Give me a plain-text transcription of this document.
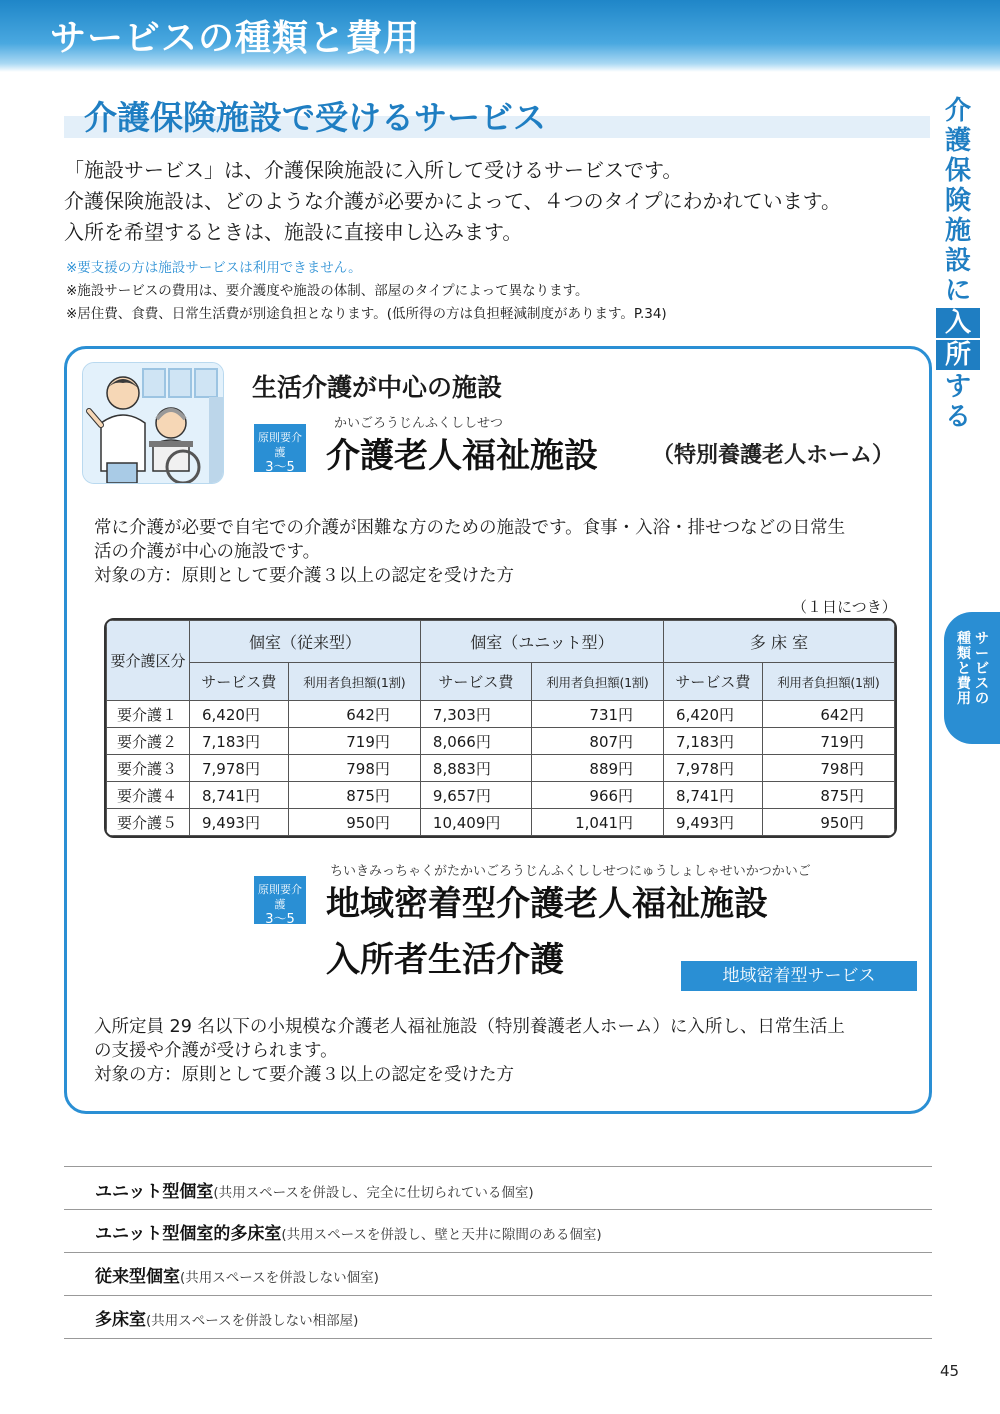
サービスの種類と費用
介護保険施設で受けるサービス
「施設サービス」は、介護保険施設に入所して受けるサービスです。
介護保険施設は、どのような介護が必要かによって、４つのタイプにわかれています。
入所を希望するときは、施設に直接申し込みます。
※要支援の方は施設サービスは利用できません。
※施設サービスの費用は、要介護度や施設の体制、部屋のタイプによって異なります。
※居住費、食費、日常生活費が別途負担となります。(低所得の方は負担軽減制度があります。P.34)
介
護
保
険
施
設
に
入
所
す
る
サ
ー
ビ
ス
の
種
類
と
費
用
生活介護が中心の施設
原則要介護
3〜5
かいごろうじんふくししせつ
介護老人福祉施設 （特別養護老人ホーム）
常に介護が必要で自宅での介護が困難な方のための施設です。食事・入浴・排せつなどの日常生
活の介護が中心の施設です。
対象の方：原則として要介護３以上の認定を受けた方
（１日につき）
要介護区分	個室（従来型）		個室（ユニット型）		多 床 室	
	サービス費	利用者負担額(1割)	サービス費	利用者負担額(1割)	サービス費	利用者負担額(1割)
要介護１	6,420円	642円	7,303円	731円	6,420円	642円
要介護２	7,183円	719円	8,066円	807円	7,183円	719円
要介護３	7,978円	798円	8,883円	889円	7,978円	798円
要介護４	8,741円	875円	9,657円	966円	8,741円	875円
要介護５	9,493円	950円	10,409円	1,041円	9,493円	950円
ちいきみっちゃくがたかいごろうじんふくししせつにゅうしょしゃせいかつかいご
原則要介護
3〜5 地域密着型介護老人福祉施設
入所者生活介護	地域密着型サービス
入所定員 29 名以下の小規模な介護老人福祉施設（特別養護老人ホーム）に入所し、日常生活上
の支援や介護が受けられます。
対象の方：原則として要介護３以上の認定を受けた方
ユニット型個室(共用スペースを併設し、完全に仕切られている個室)
ユニット型個室的多床室(共用スペースを併設し、壁と天井に隙間のある個室)
従来型個室(共用スペースを併設しない個室)
多床室(共用スペースを併設しない相部屋)
45
